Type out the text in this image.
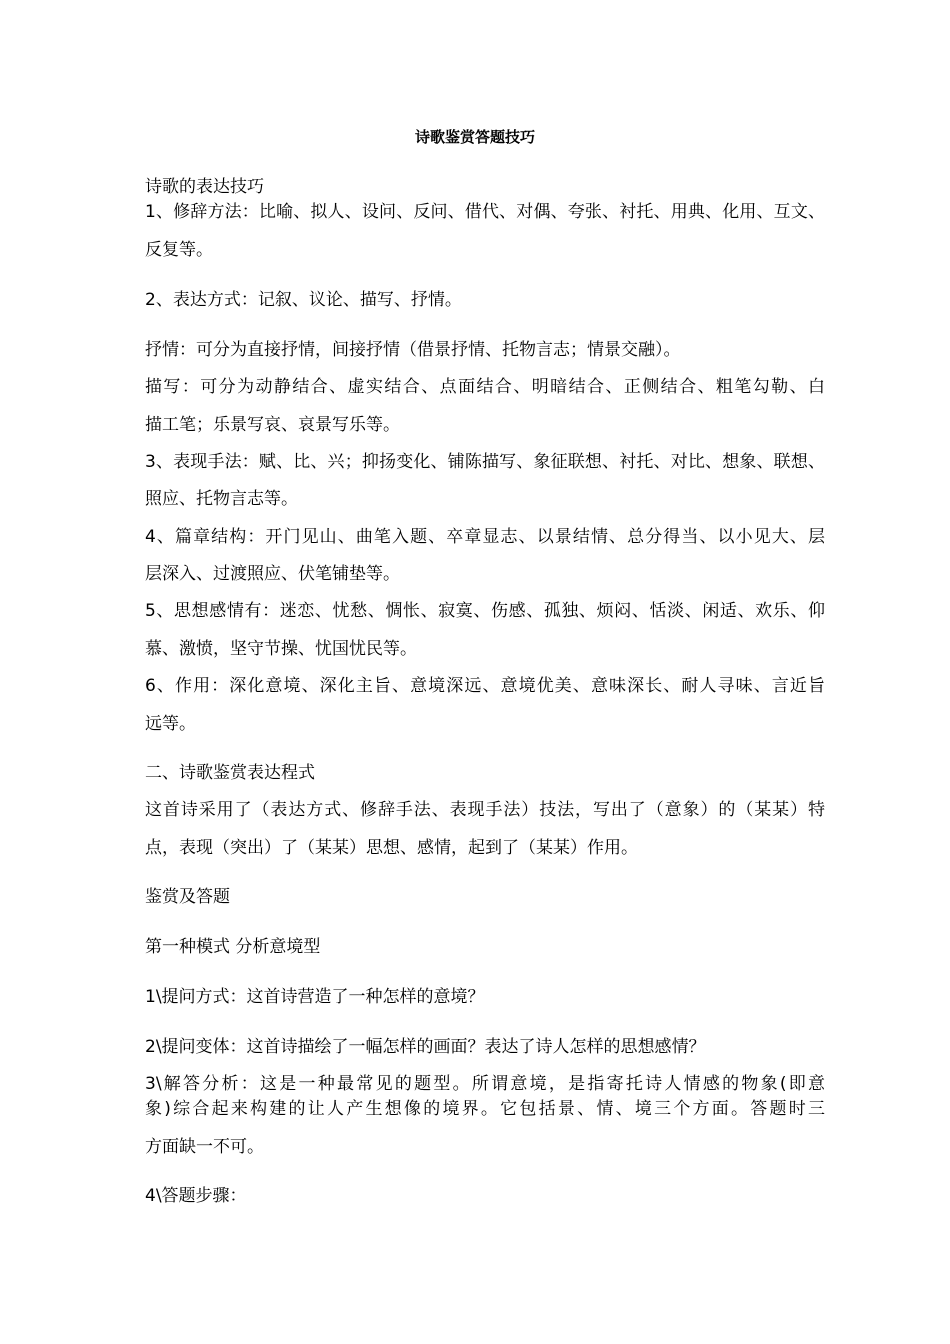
诗歌鉴赏答题技巧
诗歌的表达技巧
1、修辞方法：比喻、拟人、设问、反问、借代、对偶、夸张、衬托、用典、化用、互文、
反复等。
2、表达方式：记叙、议论、描写、抒情。
抒情：可分为直接抒情，间接抒情（借景抒情、托物言志；情景交融）。
描写：可分为动静结合、虚实结合、点面结合、明暗结合、正侧结合、粗笔勾勒、白
描工笔；乐景写哀、哀景写乐等。
3、表现手法：赋、比、兴；抑扬变化、铺陈描写、象征联想、衬托、对比、想象、联想、
照应、托物言志等。
4、篇章结构：开门见山、曲笔入题、卒章显志、以景结情、总分得当、以小见大、层
层深入、过渡照应、伏笔铺垫等。
5、思想感情有：迷恋、忧愁、惆怅、寂寞、伤感、孤独、烦闷、恬淡、闲适、欢乐、仰
慕、激愤，坚守节操、忧国忧民等。
6、作用：深化意境、深化主旨、意境深远、意境优美、意味深长、耐人寻味、言近旨
远等。
二、诗歌鉴赏表达程式
这首诗采用了（表达方式、修辞手法、表现手法）技法，写出了（意象）的（某某）特
点，表现（突出）了（某某）思想、感情，起到了（某某）作用。
鉴赏及答题
第一种模式 分析意境型
1\提问方式：这首诗营造了一种怎样的意境？
2\提问变体：这首诗描绘了一幅怎样的画面？表达了诗人怎样的思想感情？
3\解答分析：这是一种最常见的题型。所谓意境，是指寄托诗人情感的物象(即意
象)综合起来构建的让人产生想像的境界。它包括景、情、境三个方面。答题时三
方面缺一不可。
4\答题步骤：
